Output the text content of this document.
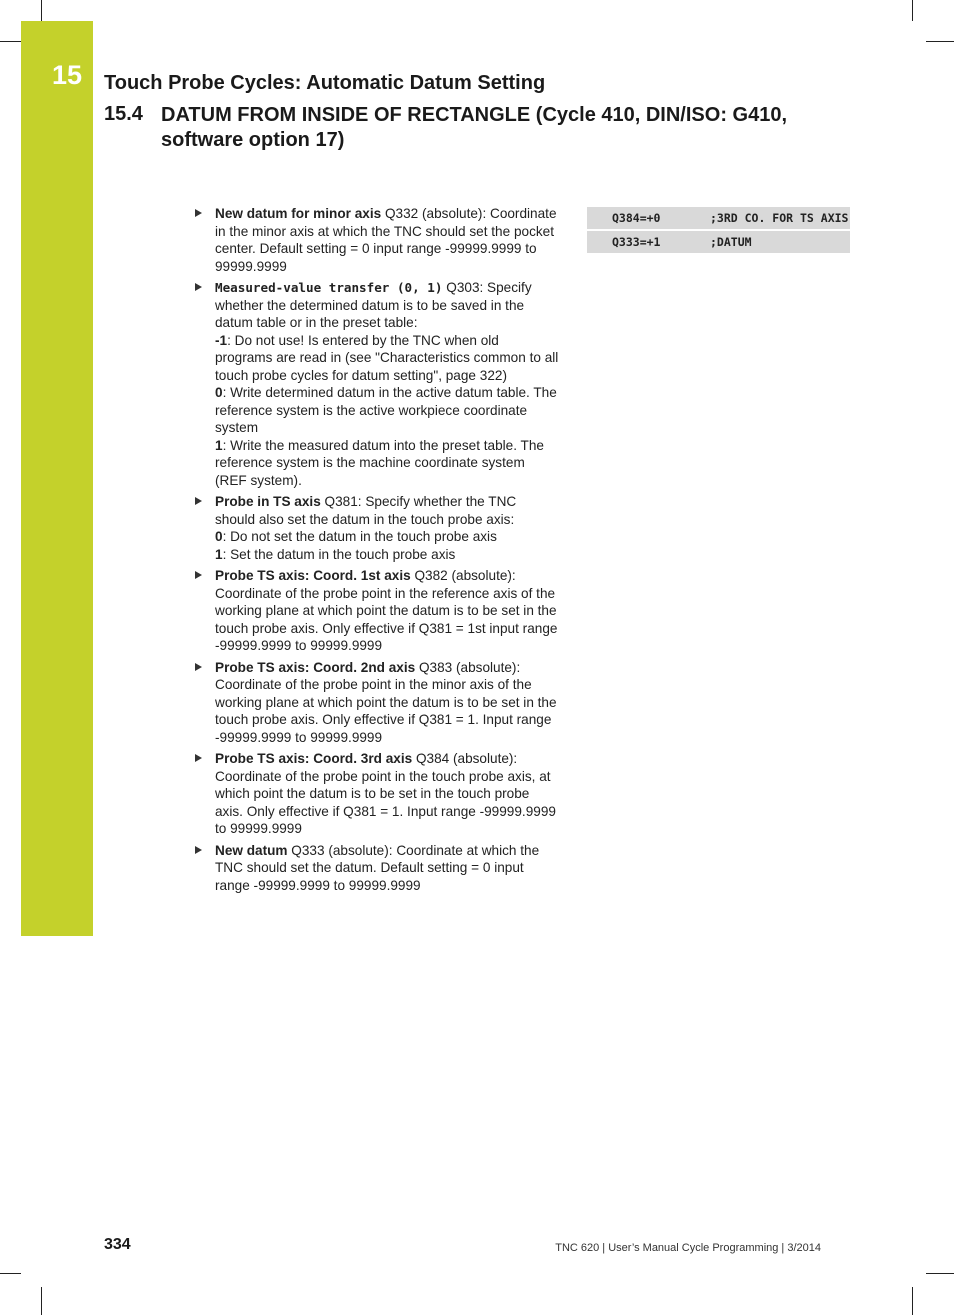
15	Touch Probe Cycles: Automatic Datum Setting
15.4 DATUM FROM INSIDE OF RECTANGLE (Cycle 410, DIN/ISO: G410, software option 17)
New datum for minor axis Q332 (absolute): Coordinate in the minor axis at which the TNC should set the pocket center. Default setting = 0 input range -99999.9999 to 99999.9999
Measured-value transfer (0, 1) Q303: Specify whether the determined datum is to be saved in the datum table or in the preset table:
-1: Do not use! Is entered by the TNC when old programs are read in (see "Characteristics common to all touch probe cycles for datum setting", page 322)
0: Write determined datum in the active datum table. The reference system is the active workpiece coordinate system
1: Write the measured datum into the preset table. The reference system is the machine coordinate system (REF system).
Probe in TS axis Q381: Specify whether the TNC should also set the datum in the touch probe axis:
0: Do not set the datum in the touch probe axis
1: Set the datum in the touch probe axis
Probe TS axis: Coord. 1st axis Q382 (absolute): Coordinate of the probe point in the reference axis of the working plane at which point the datum is to be set in the touch probe axis. Only effective if Q381 = 1st input range -99999.9999 to 99999.9999
Probe TS axis: Coord. 2nd axis Q383 (absolute): Coordinate of the probe point in the minor axis of the working plane at which point the datum is to be set in the touch probe axis. Only effective if Q381 = 1. Input range -99999.9999 to 99999.9999
Probe TS axis: Coord. 3rd axis Q384 (absolute): Coordinate of the probe point in the touch probe axis, at which point the datum is to be set in the touch probe axis. Only effective if Q381 = 1. Input range -99999.9999 to 99999.9999
New datum Q333 (absolute): Coordinate at which the TNC should set the datum. Default setting = 0 input range -99999.9999 to 99999.9999
Q384=+0	;3RD CO. FOR TS AXIS
Q333=+1	;DATUM
334	TNC 620 | User’s Manual Cycle Programming | 3/2014
